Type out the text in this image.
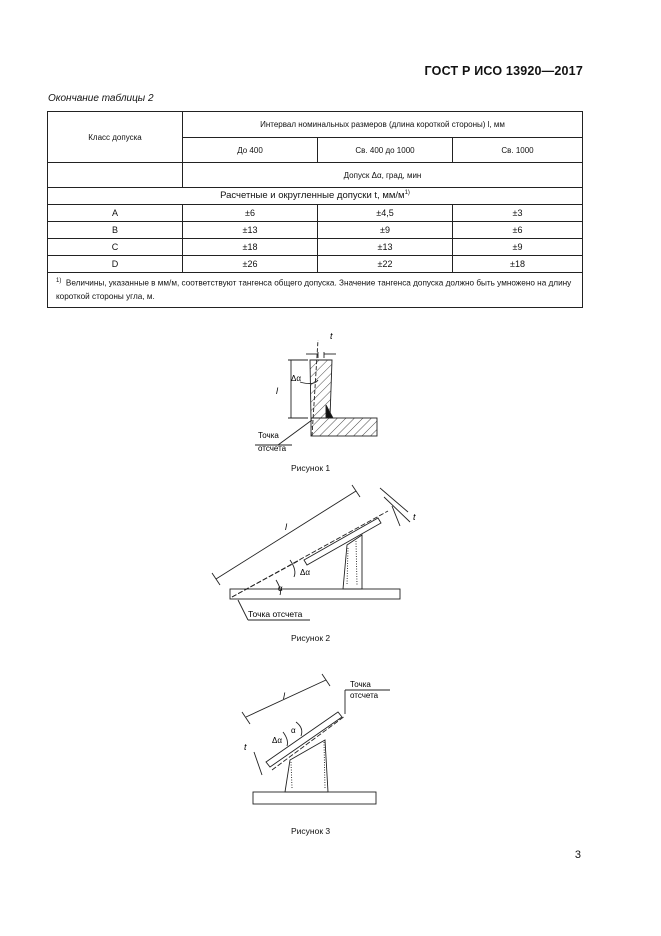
ГОСТ Р ИСО 13920—2017
Окончание таблицы 2
Класс допуска	Интервал номинальных размеров (длина короткой стороны) l, мм		
	До 400	Св. 400 до 1000	Св. 1000
	Допуск Δα, град, мин		
Расчетные и округленные допуски t, $мм/м^{1)}$
A	±6	±4,5	±3
B	±13	±9	±6
C	±18	±13	±9
D	±26	±22	±18
$^{1)}$ Величины, указанные в мм/м, соответствуют тангенса общего допуска. Значение тангенса допуска должно быть умножено на длину короткой стороны угла, м.			
t
l
Δα
Точка
отсчета
l
t
α
Δα
Точка отсчета
l
t
Δα
α
Точка
отсчета
Рисунок 1
Рисунок 2
Рисунок 3
3
